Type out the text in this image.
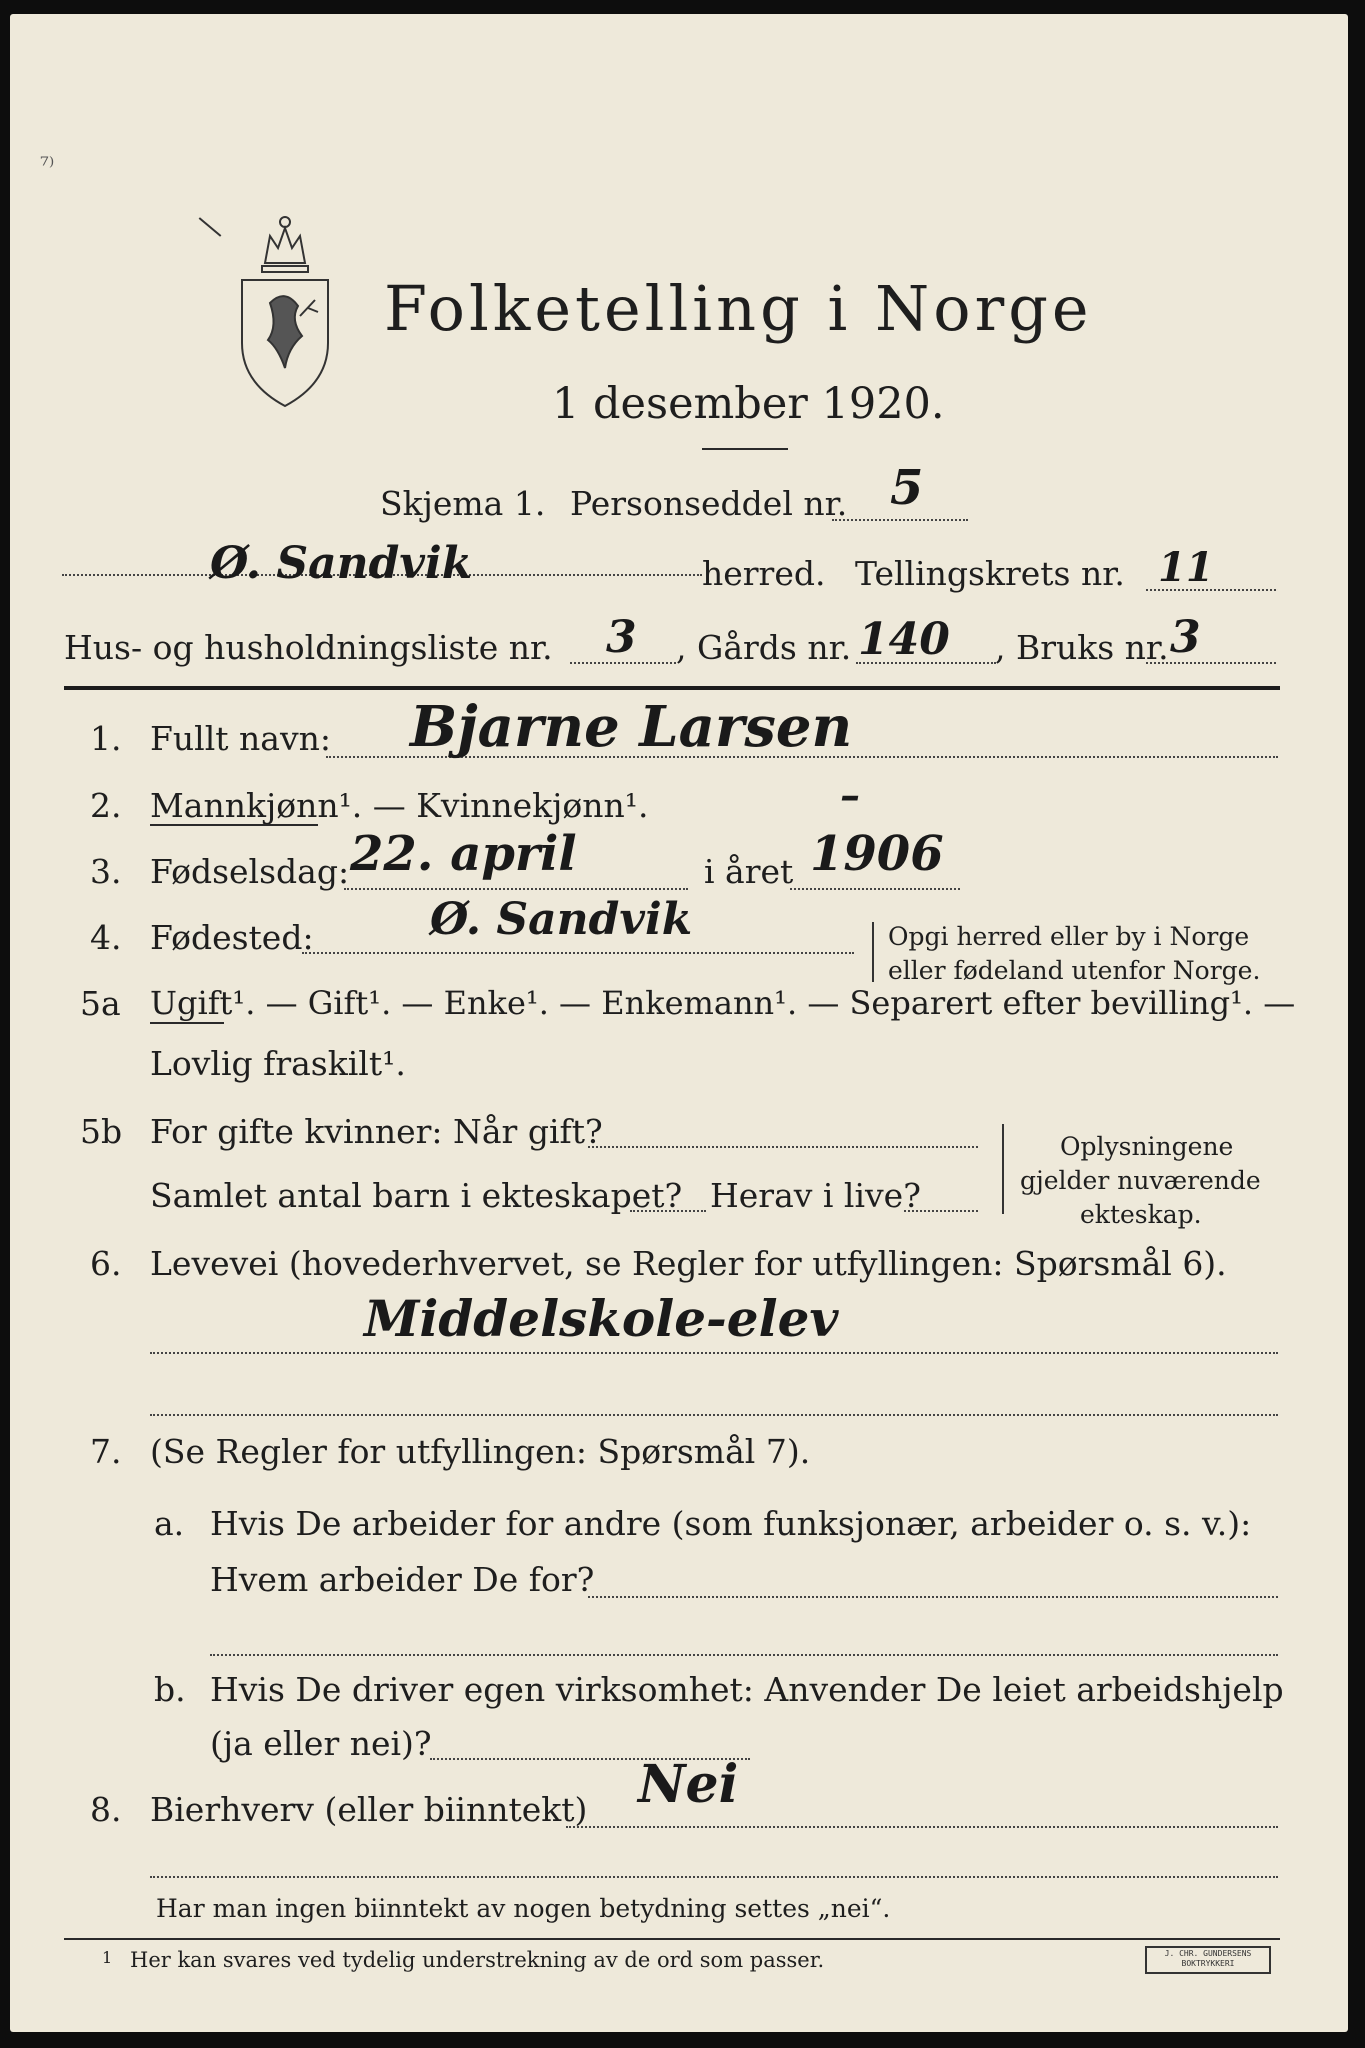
⁷⁾
Folketelling i Norge
1 desember 1920.
Skjema 1. Personseddel nr. 5
Ø. Sandvik	herred. Tellingskrets nr. 11
Hus- og husholdningsliste nr. 3 , Gårds nr. 140 , Bruks nr. 3
1. Fullt navn: Bjarne Larsen
2. Mannkjønn¹. — Kvinnekjønn¹.	–
3. Fødselsdag: 22. april	i året 1906
4. Fødested:	Ø. Sandvik	Opgi herred eller by i Norge
eller fødeland utenfor Norge.
5a Ugift¹. — Gift¹. — Enke¹. — Enkemann¹. — Separert efter bevilling¹. —
Lovlig fraskilt¹.
5b For gifte kvinner: Når gift?
Samlet antal barn i ekteskapet? Herav i live?
Oplysningene
gjelder nuværende
ekteskap.
6. Levevei (hovederhvervet, se Regler for utfyllingen: Spørsmål 6).
Middelskole-elev
7. (Se Regler for utfyllingen: Spørsmål 7).
a. Hvis De arbeider for andre (som funksjonær, arbeider o. s. v.):
Hvem arbeider De for?
b. Hvis De driver egen virksomhet: Anvender De leiet arbeidshjelp
(ja eller nei)?
8. Bierhverv (eller biinntekt) Nei
Har man ingen biinntekt av nogen betydning settes „nei“.
1 Her kan svares ved tydelig understrekning av de ord som passer.	J. CHR. GUNDERSENS BOKTRYKKERI
